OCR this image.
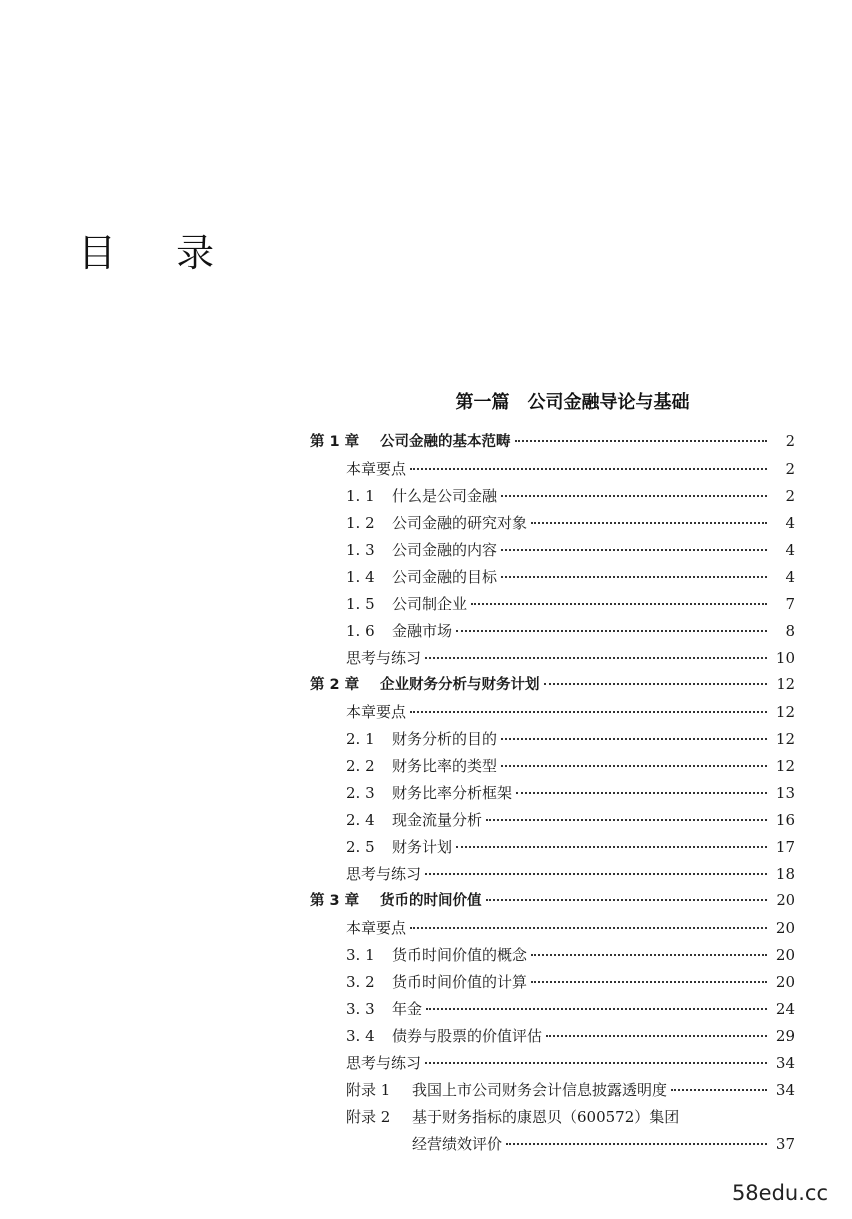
目 录
第一篇　公司金融导论与基础
第 1 章	公司金融的基本范畴	2
本章要点	2
1. 1	什么是公司金融	2
1. 2	公司金融的研究对象	4
1. 3	公司金融的内容	4
1. 4	公司金融的目标	4
1. 5	公司制企业	7
1. 6	金融市场	8
思考与练习	10
第 2 章	企业财务分析与财务计划	12
本章要点	12
2. 1	财务分析的目的	12
2. 2	财务比率的类型	12
2. 3	财务比率分析框架	13
2. 4	现金流量分析	16
2. 5	财务计划	17
思考与练习	18
第 3 章	货币的时间价值	20
本章要点	20
3. 1	货币时间价值的概念	20
3. 2	货币时间价值的计算	20
3. 3	年金	24
3. 4	债券与股票的价值评估	29
思考与练习	34
附录 1	我国上市公司财务会计信息披露透明度	34
附录 2	基于财务指标的康恩贝（600572）集团
经营绩效评价	37
58edu.cc
